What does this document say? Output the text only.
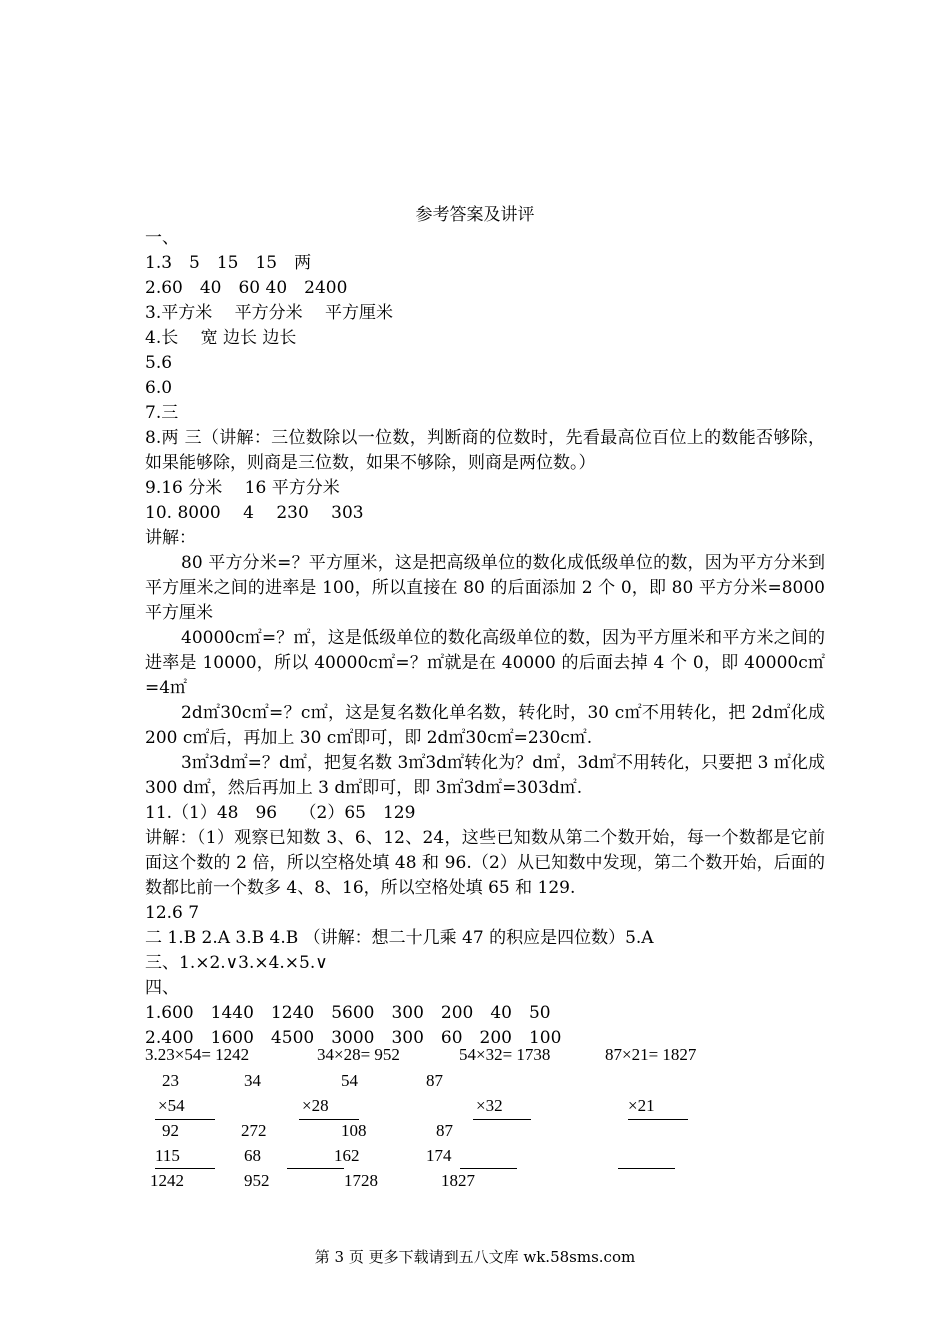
参考答案及讲评
一、
1.3　5　15　15　两
2.60　40　60 40　2400
3.平方米　 平方分米　 平方厘米
4.长　 宽 边长 边长
5.6
6.0
7.三
8.两 三（讲解：三位数除以一位数，判断商的位数时，先看最高位百位上的数能否够除，如果能够除，则商是三位数，如果不够除，则商是两位数。）
9.16 分米　 16 平方分米
10. 8000　 4　 230　 303
讲解：
80 平方分米=？平方厘米，这是把高级单位的数化成低级单位的数，因为平方分米到平方厘米之间的进率是 100，所以直接在 80 的后面添加 2 个 0，即 80 平方分米=8000 平方厘米
40000c㎡=？㎡，这是低级单位的数化高级单位的数，因为平方厘米和平方米之间的进率是 10000，所以 40000c㎡=？㎡就是在 40000 的后面去掉 4 个 0，即 40000c㎡=4㎡
2d㎡30c㎡=？c㎡，这是复名数化单名数，转化时，30 c㎡不用转化，把 2d㎡化成 200 c㎡后，再加上 30 c㎡即可，即 2d㎡30c㎡=230c㎡.
3㎡3d㎡=？d㎡，把复名数 3㎡3d㎡转化为？d㎡，3d㎡不用转化，只要把 3 ㎡化成 300 d㎡，然后再加上 3 d㎡即可，即 3㎡3d㎡=303d㎡.
11.（1）48　96　 （2）65　129
讲解：（1）观察已知数 3、6、12、24，这些已知数从第二个数开始，每一个数都是它前面这个数的 2 倍，所以空格处填 48 和 96.（2）从已知数中发现，第二个数开始，后面的数都比前一个数多 4、8、16，所以空格处填 65 和 129.
12.6 7
二 1.B 2.A 3.B 4.B （讲解：想二十几乘 47 的积应是四位数）5.A
三、1.×2.∨3.×4.×5.∨
四、
1.600　1440　1240　5600　300　200　40　50
2.400　1600　4500　3000　300　60　200　100
3.23×54= 1242	34×28= 952	54×32= 1738	87×21= 1827
23	34	54	87
×54	×28	×32	×21
92	272	108	87
115	68	162	174
1242	952	1728	1827
第 3 页 更多下载请到五八文库 wk.58sms.com
